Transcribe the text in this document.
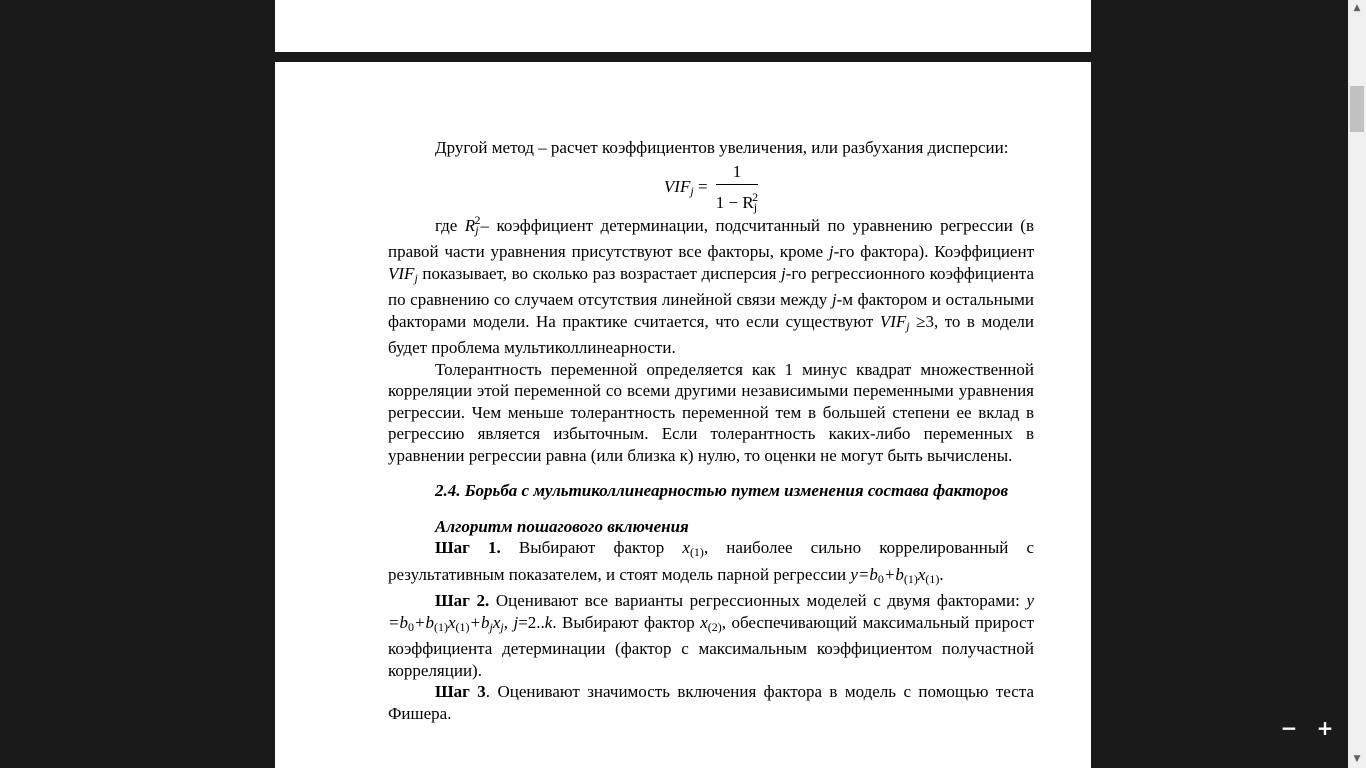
Другой метод – расчет коэффициентов увеличения, или разбухания дисперсии:

$VIF_j = \frac{1}{1 - R_j^2}$

где $R_j^2-$ коэффициент детерминации, подсчитанный по уравнению регрессии (в правой части уравнения присутствуют все факторы, кроме j-го фактора). Коэффициент $VIF_j$ показывает, во сколько раз возрастает дисперсия j-го регрессионного коэффициента по сравнению со случаем отсутствия линейной связи между j-м фактором и остальными факторами модели. На практике считается, что если существуют $VIF_j \ge 3$, то в модели будет проблема мультиколлинеарности.

Толерантность переменной определяется как 1 минус квадрат множественной корреляции этой переменной со всеми другими независимыми переменными уравнения регрессии. Чем меньше толерантность переменной тем в большей степени ее вклад в регрессию является избыточным. Если толерантность каких-либо переменных в уравнении регрессии равна (или близка к) нулю, то оценки не могут быть вычислены.

2.4. Борьба с мультиколлинеарностью путем изменения состава факторов
Алгоритм пошагового включения

Шаг 1. Выбирают фактор $x_{(1)}$, наиболее сильно коррелированный с результативным показателем, и стоят модель парной регрессии $y=b_0+b_{(1)}x_{(1)}$.

Шаг 2. Оценивают все варианты регрессионных моделей с двумя факторами: $y =b_0+b_{(1)}x_{(1)}+b_jx_j$, j=2..k. Выбирают фактор $x_{(2)}$, обеспечивающий максимальный прирост коэффициента детерминации (фактор с максимальным коэффициентом получастной корреляции).

Шаг 3. Оценивают значимость включения фактора в модель с помощью теста Фишера.

▲
▼
− +
